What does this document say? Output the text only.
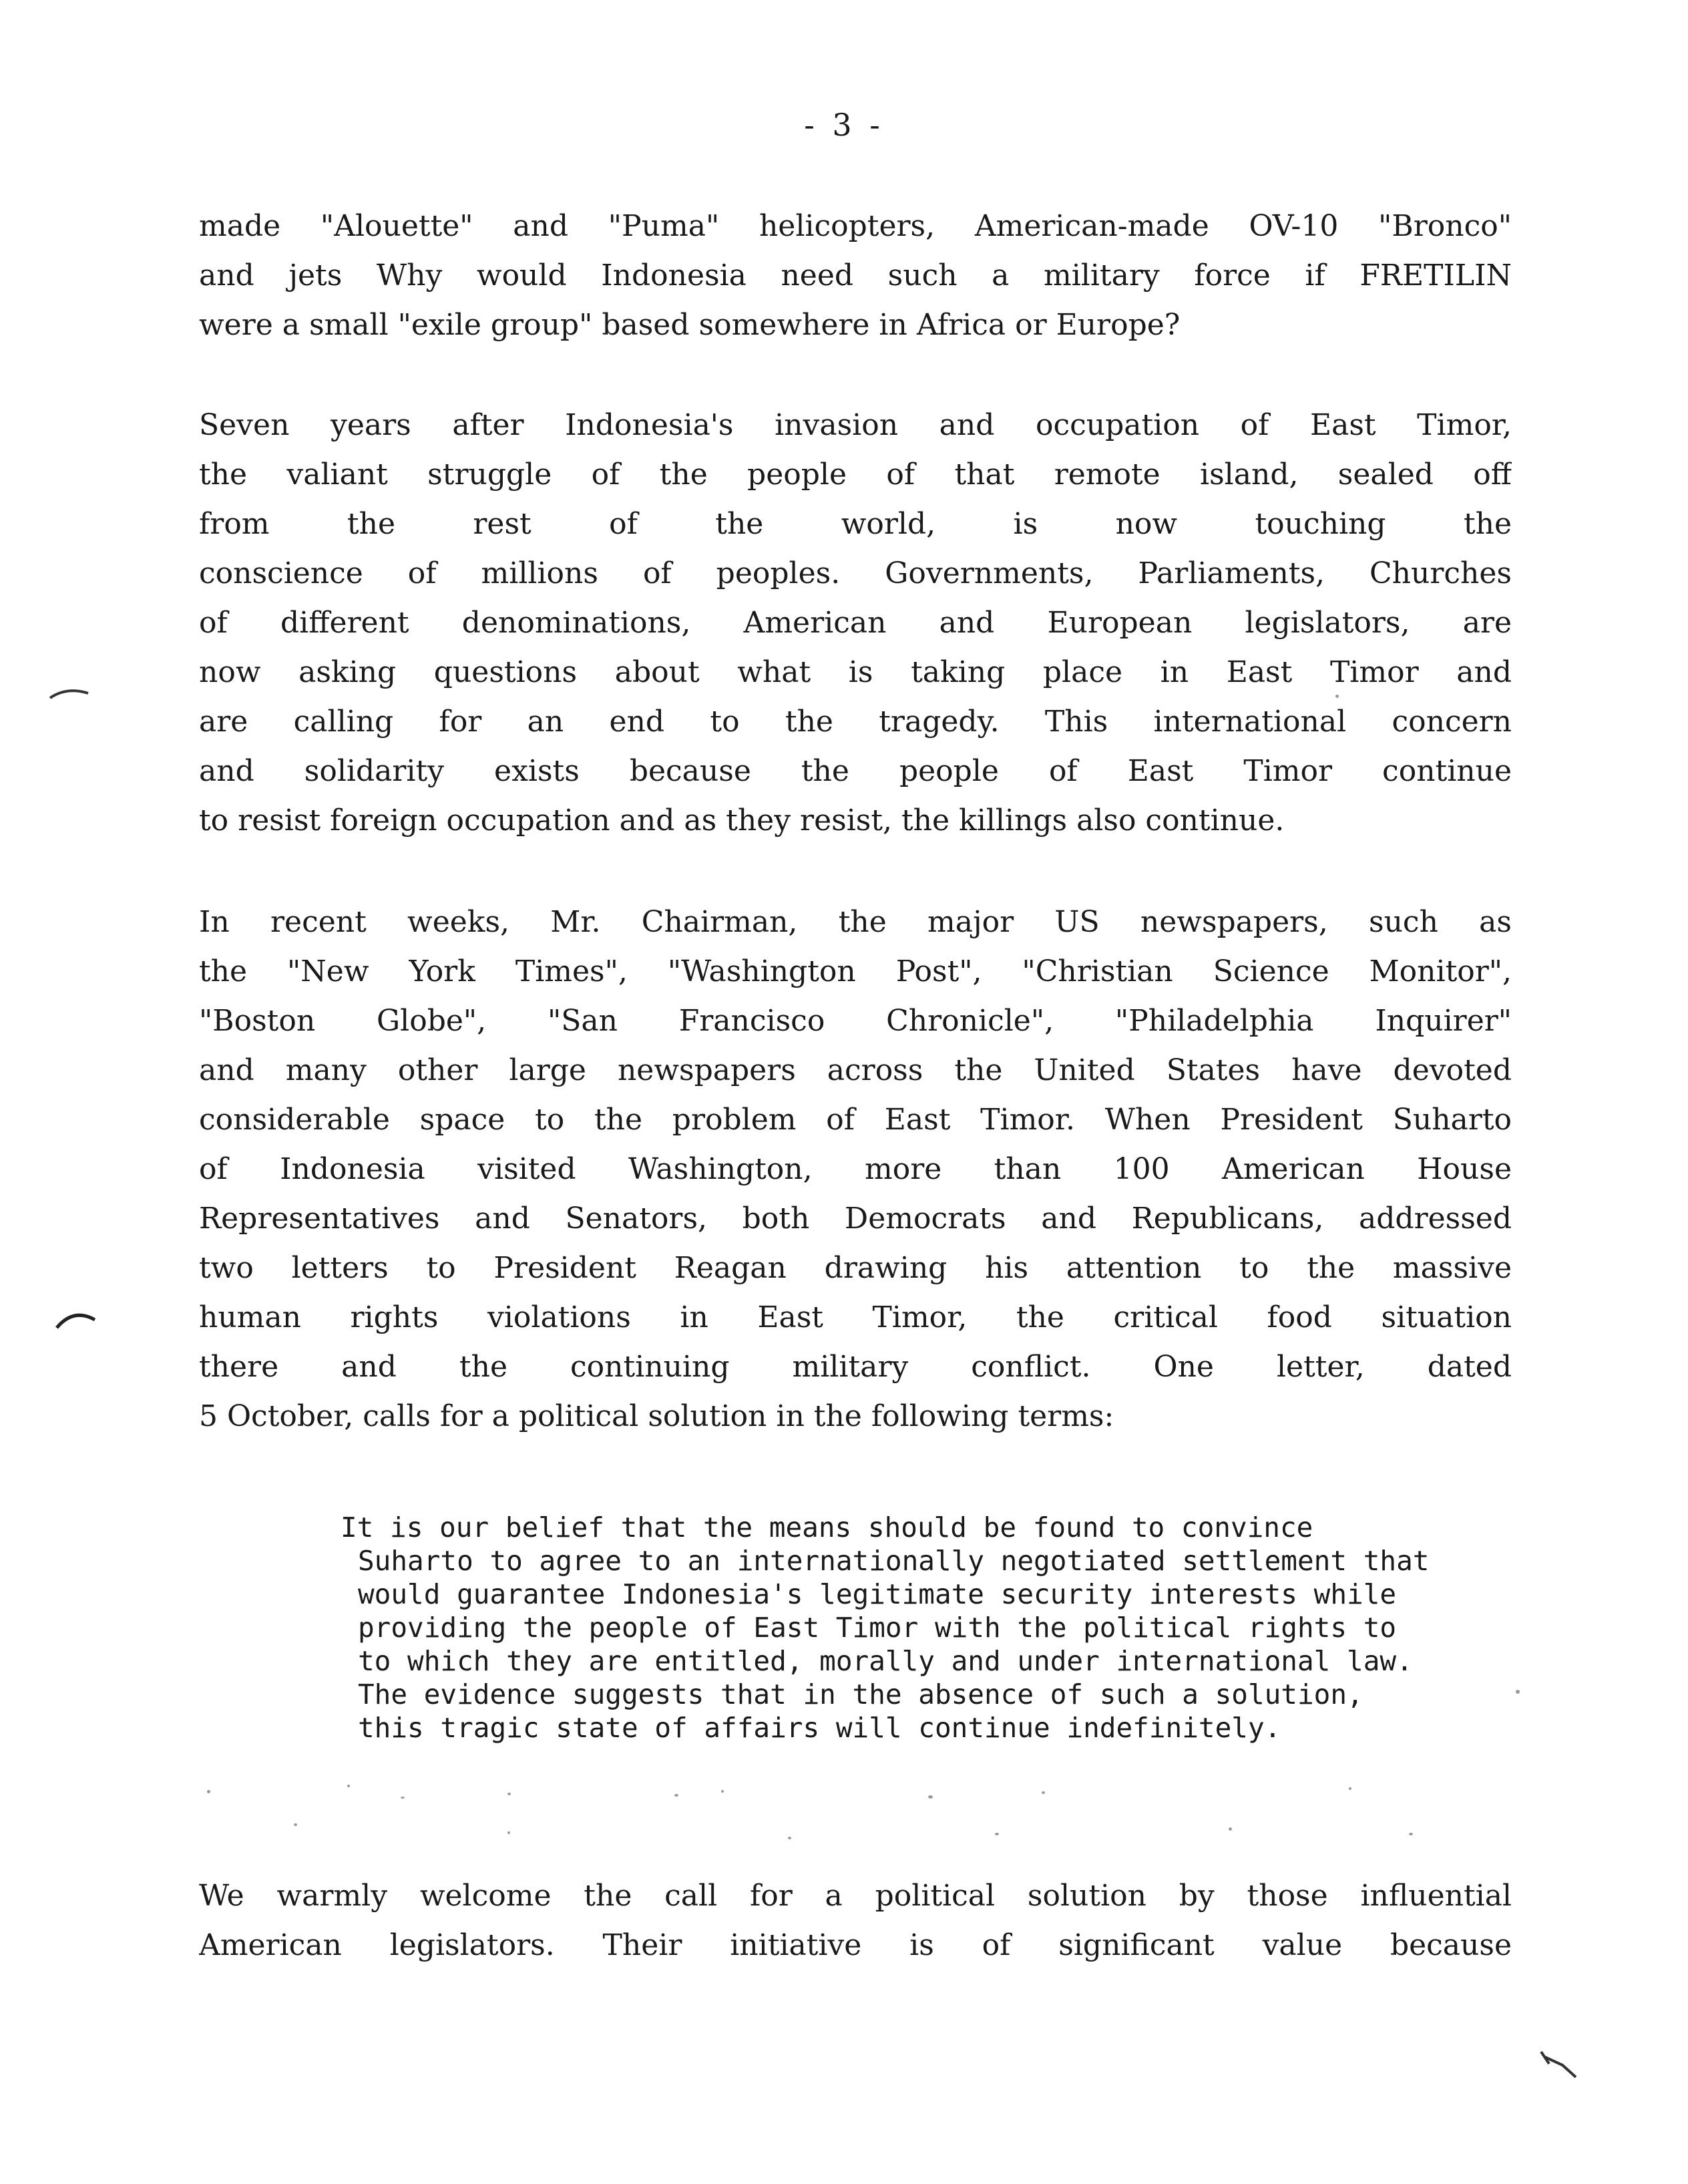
- 3 -
made "Alouette" and "Puma" helicopters, American-made OV-10 "Bronco"
and jets Why would Indonesia need such a military force if FRETILIN
were a small "exile group" based somewhere in Africa or Europe?
Seven years after Indonesia's invasion and occupation of East Timor,
the valiant struggle of the people of that remote island, sealed off
from the rest of the world, is now touching the
conscience of millions of peoples. Governments, Parliaments, Churches
of different denominations, American and European legislators, are
now asking questions about what is taking place in East Timor and
are calling for an end to the tragedy. This international concern
and solidarity exists because the people of East Timor continue
to resist foreign occupation and as they resist, the killings also continue.
In recent weeks, Mr. Chairman, the major US newspapers, such as
the "New York Times", "Washington Post", "Christian Science Monitor",
"Boston Globe", "San Francisco Chronicle", "Philadelphia Inquirer"
and many other large newspapers across the United States have devoted
considerable space to the problem of East Timor. When President Suharto
of Indonesia visited Washington, more than 100 American House
Representatives and Senators, both Democrats and Republicans, addressed
two letters to President Reagan drawing his attention to the massive
human rights violations in East Timor, the critical food situation
there and the continuing military conflict. One letter, dated
5 October, calls for a political solution in the following terms:
It is our belief that the means should be found to convince
Suharto to agree to an internationally negotiated settlement that
would guarantee Indonesia's legitimate security interests while
providing the people of East Timor with the political rights to
to which they are entitled, morally and under international law.
The evidence suggests that in the absence of such a solution,
this tragic state of affairs will continue indefinitely.
We warmly welcome the call for a political solution by those influential
American legislators. Their initiative is of significant value because
